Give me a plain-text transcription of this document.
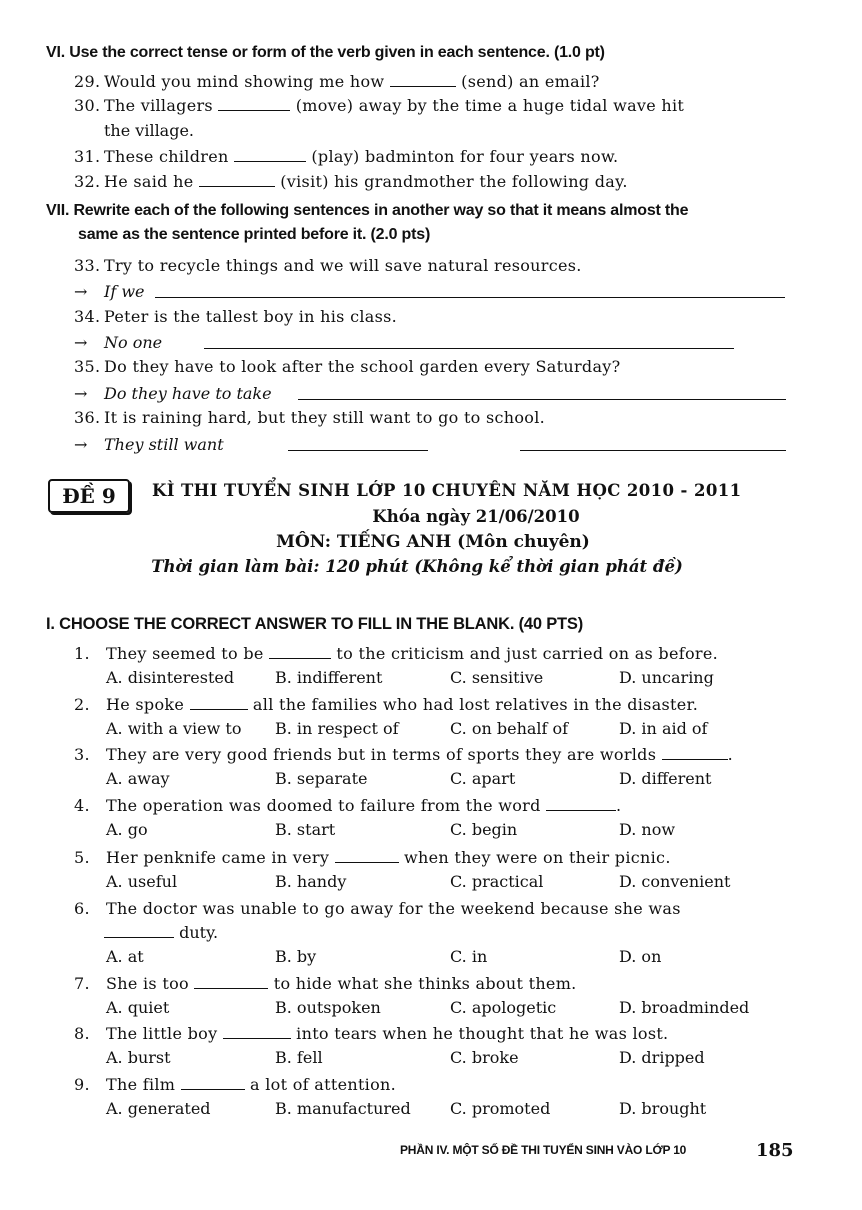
VI. Use the correct tense or form of the verb given in each sentence. (1.0 pt)
29. Would you mind showing me how	(send) an email?
30. The villagers	(move) away by the time a huge tidal wave hit
the village.
31. These children	(play) badminton for four years now.
32. He said he	(visit) his grandmother the following day.
VII. Rewrite each of the following sentences in another way so that it means almost the
same as the sentence printed before it. (2.0 pts)
33. Try to recycle things and we will save natural resources.
→ If we
34. Peter is the tallest boy in his class.
→ No one
35. Do they have to look after the school garden every Saturday?
→ Do they have to take
36. It is raining hard, but they still want to go to school.
→ They still want
ĐỀ 9	KÌ THI TUYỂN SINH LỚP 10 CHUYÊN NĂM HỌC 2010 - 2011
Khóa ngày 21/06/2010
MÔN: TIẾNG ANH (Môn chuyên)
Thời gian làm bài: 120 phút (Không kể thời gian phát đề)
I. CHOOSE THE CORRECT ANSWER TO FILL IN THE BLANK. (40 PTS)
1. They seemed to be	to the criticism and just carried on as before.
A. disinterested	B. indifferent	C. sensitive	D. uncaring
2. He spoke	all the families who had lost relatives in the disaster.
A. with a view to B. in respect of	C. on behalf of	D. in aid of
3. They are very good friends but in terms of sports they are worlds	.
A. away	B. separate	C. apart	D. different
4. The operation was doomed to failure from the word	.
A. go	B. start	C. begin	D. now
5. Her penknife came in very	when they were on their picnic.
A. useful	B. handy	C. practical	D. convenient
6. The doctor was unable to go away for the weekend because she was
duty.
A. at	B. by	C. in	D. on
7. She is too	to hide what she thinks about them.
A. quiet	B. outspoken	C. apologetic	D. broadminded
8. The little boy	into tears when he thought that he was lost.
A. burst	B. fell	C. broke	D. dripped
9. The film	a lot of attention.
A. generated	B. manufactured C. promoted	D. brought
PHẦN IV. MỘT SỐ ĐỀ THI TUYỂN SINH VÀO LỚP 10	185
